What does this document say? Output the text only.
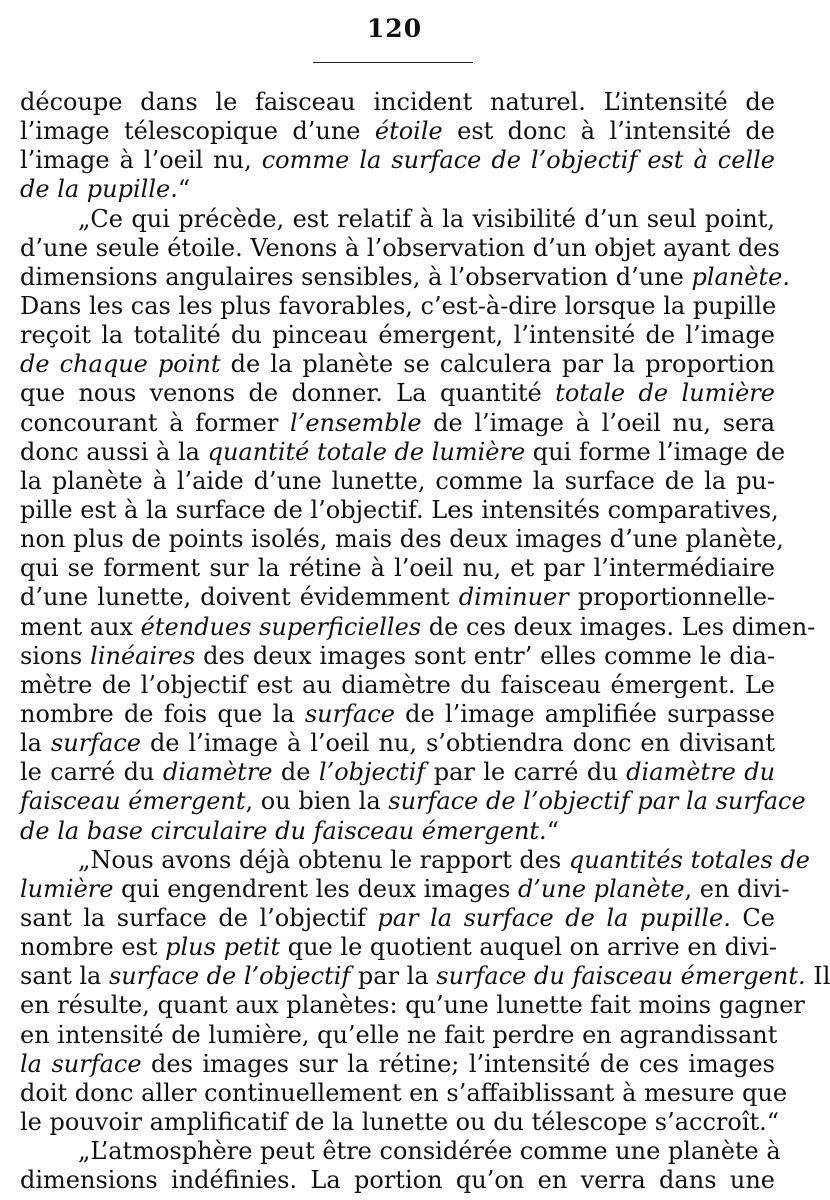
120
découpe dans le faisceau incident naturel. L’intensité de
l’image télescopique d’une étoile est donc à l’intensité de
l’image à l’oeil nu, comme la surface de l’objectif est à celle
de la pupille.“
„Ce qui précède, est relatif à la visibilité d’un seul point,
d’une seule étoile. Venons à l’observation d’un objet ayant des
dimensions angulaires sensibles, à l’observation d’une planète.
Dans les cas les plus favorables, c’est-à-dire lorsque la pupille
reçoit la totalité du pinceau émergent, l’intensité de l’image
de chaque point de la planète se calculera par la proportion
que nous venons de donner. La quantité totale de lumière
concourant à former l’ensemble de l’image à l’oeil nu, sera
donc aussi à la quantité totale de lumière qui forme l’image de
la planète à l’aide d’une lunette, comme la surface de la pu-
pille est à la surface de l’objectif. Les intensités comparatives,
non plus de points isolés, mais des deux images d’une planète,
qui se forment sur la rétine à l’oeil nu, et par l’intermédiaire
d’une lunette, doivent évidemment diminuer proportionnelle-
ment aux étendues superficielles de ces deux images. Les dimen-
sions linéaires des deux images sont entr’ elles comme le dia-
mètre de l’objectif est au diamètre du faisceau émergent. Le
nombre de fois que la surface de l’image amplifiée surpasse
la surface de l’image à l’oeil nu, s’obtiendra donc en divisant
le carré du diamètre de l’objectif par le carré du diamètre du
faisceau émergent, ou bien la surface de l’objectif par la surface
de la base circulaire du faisceau émergent.“
„Nous avons déjà obtenu le rapport des quantités totales de
lumière qui engendrent les deux images d’une planète, en divi-
sant la surface de l’objectif par la surface de la pupille. Ce
nombre est plus petit que le quotient auquel on arrive en divi-
sant la surface de l’objectif par la surface du faisceau émergent. Il
en résulte, quant aux planètes: qu’une lunette fait moins gagner
en intensité de lumière, qu’elle ne fait perdre en agrandissant
la surface des images sur la rétine; l’intensité de ces images
doit donc aller continuellement en s’affaiblissant à mesure que
le pouvoir amplificatif de la lunette ou du télescope s’accroît.“
„L’atmosphère peut être considérée comme une planète à
dimensions indéfinies. La portion qu’on en verra dans une
